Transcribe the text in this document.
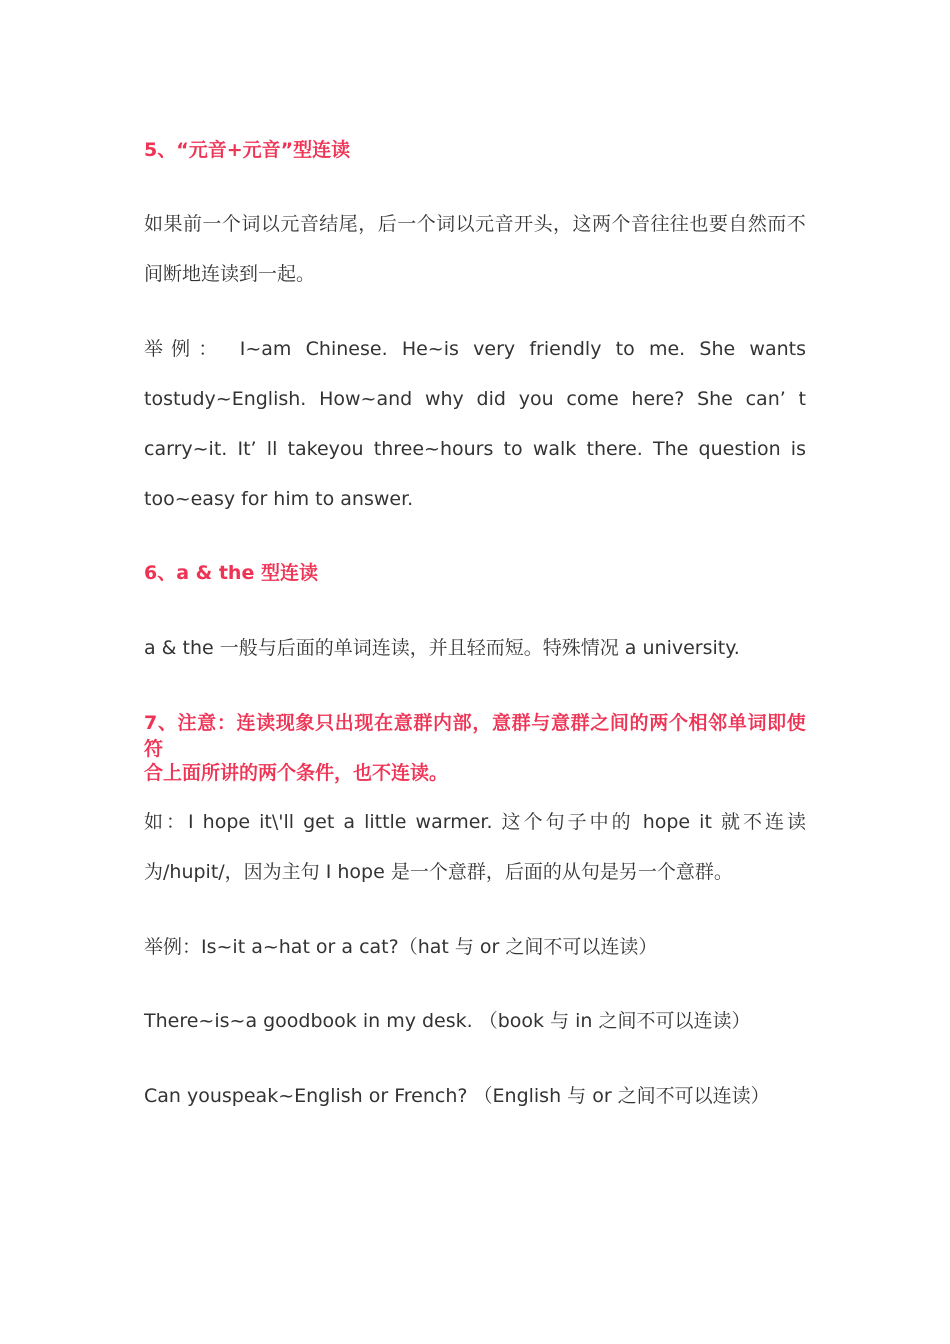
5、“元音+元音”型连读
如果前一个词以元音结尾，后一个词以元音开头，这两个音往往也要自然而不
间断地连读到一起。
举例： I~am Chinese. He~is very friendly to me. She wants
tostudy~English. How~and why did you come here? She can’ t
carry~it. It’ ll takeyou three~hours to walk there. The question is
too~easy for him to answer.
6、a & the 型连读
a & the 一般与后面的单词连读，并且轻而短。特殊情况 a university.
7、注意：连读现象只出现在意群内部，意群与意群之间的两个相邻单词即使符
合上面所讲的两个条件，也不连读。
如：I hope it\'ll get a little warmer. 这个句子中的 hope it 就不连读
为/hupit/，因为主句 I hope 是一个意群，后面的从句是另一个意群。
举例：Is~it a~hat or a cat?（hat 与 or 之间不可以连读）
There~is~a goodbook in my desk. （book 与 in 之间不可以连读）
Can youspeak~English or French? （English 与 or 之间不可以连读）
